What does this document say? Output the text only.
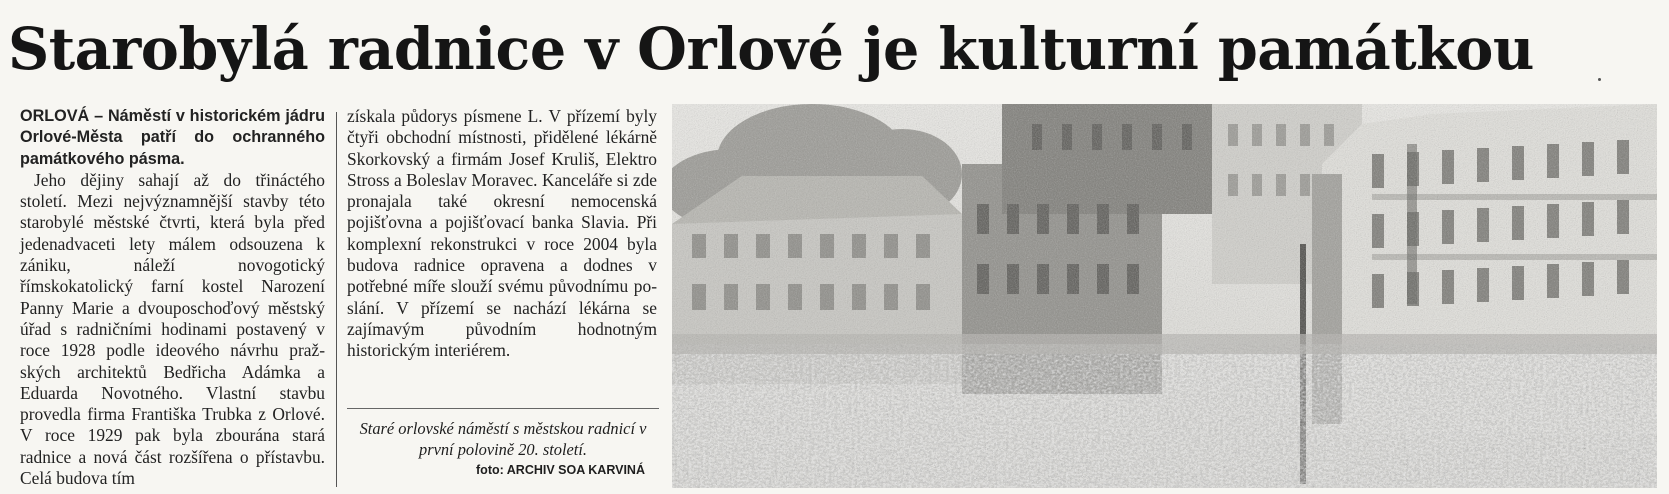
Starobylá radnice v Orlové je kulturní památkou

ORLOVÁ – Náměstí v historickém jádru Orlové-Města patří do ochranného památkového pásma.

Jeho dějiny sahají až do třináctého století. Mezi nejvýznamnější stavby této starobylé městské čtvrti, která byla před jedenadvaceti lety málem odsouzena k zániku, náleží novogotický římskokatolický farní kostel Narození Panny Marie a dvouposchoďový městský úřad s radničními hodinami postavený v roce 1928 podle ideového návrhu pražských architektů Bedřicha Adámka a Eduarda Novotného. Vlastní stavbu provedla firma Františka Trubka z Orlové. V roce 1929 pak byla zbourána stará radnice a nová část rozšířena o přístavbu. Celá budova tím

získala půdorys písmene L. V přízemí byly čtyři obchodní místnosti, přidělené lékárně Skorkovský a firmám Josef Kruliš, Elektro Stross a Boleslav Moravec. Kanceláře si zde pronajala také okresní nemocenská pojišťovna a pojišťovací banka Slavia. Při komplexní rekonstrukci v roce 2004 byla budova radnice opravena a dodnes v potřebné míře slouží svému původnímu poslání. V přízemí se nachází lékárna se zajímavým původním hodnotným historickým interiérem.

Staré orlovské náměstí s městskou radnicí v první polovině 20. století.

foto: ARCHIV SOA KARVINÁ
